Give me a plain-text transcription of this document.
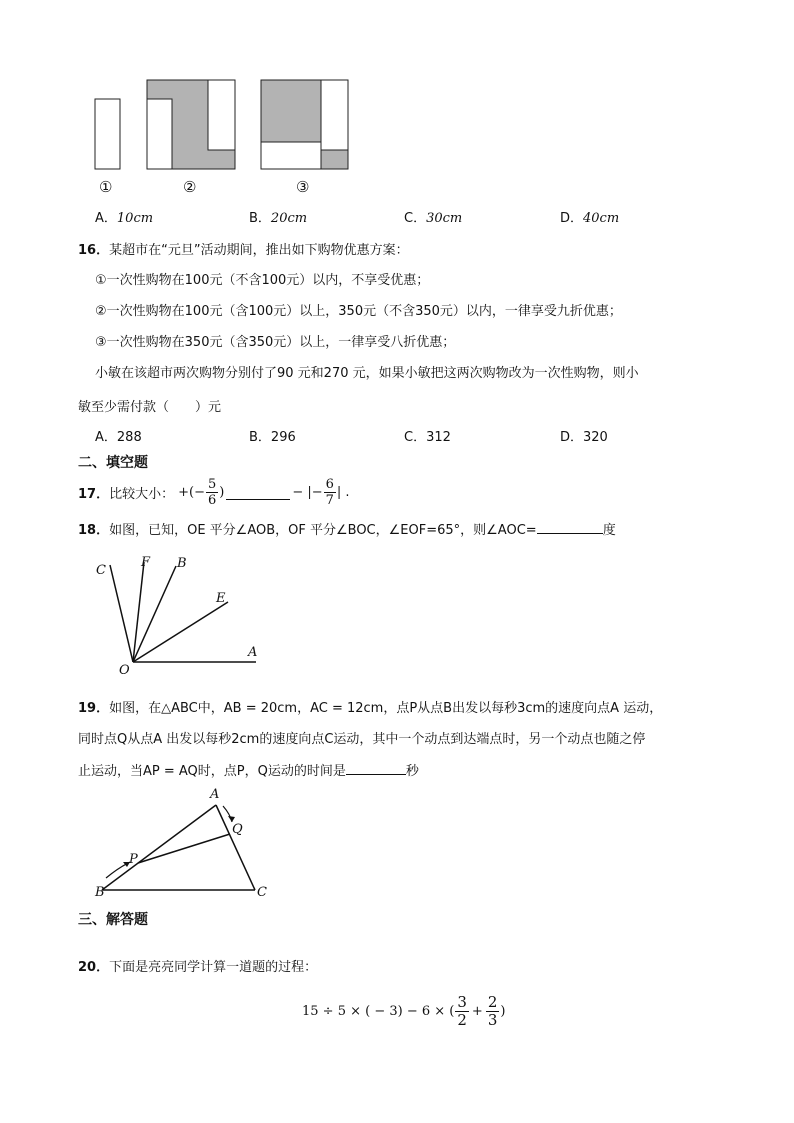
①	②	③
A．10cm	B．20cm	C．30cm	D．40cm
16．某超市在“元旦”活动期间，推出如下购物优惠方案：
①一次性购物在100元（不含100元）以内，不享受优惠；
②一次性购物在100元（含100元）以上，350元（不含350元）以内，一律享受九折优惠；
③一次性购物在350元（含350元）以上，一律享受八折优惠；
小敏在该超市两次购物分别付了90 元和270 元，如果小敏把这两次购物改为一次性购物，则小
敏至少需付款（　　）元
A．288	B．296	C．312	D．320
二、填空题
17． 比较大小： +(− $\frac{5}{6}$ )	− |− $\frac{6}{7}$ | .
18．如图，已知，OE 平分∠AOB，OF 平分∠BOC，∠EOF=65°，则∠AOC=	度
C
F B
E
O
A
19．如图，在△ABC中，AB = 20cm，AC = 12cm，点P从点B出发以每秒3cm的速度向点A 运动，
同时点Q从点A 出发以每秒2cm的速度向点C运动，其中一个动点到达端点时，另一个动点也随之停
止运动，当AP = AQ时，点P，Q运动的时间是	秒
A
Q
P
B	C
三、解答题
20．下面是亮亮同学计算一道题的过程：
15 ÷ 5 × ( − 3) − 6 × ( $\frac{3}{2} + \frac{2}{3}$ )
